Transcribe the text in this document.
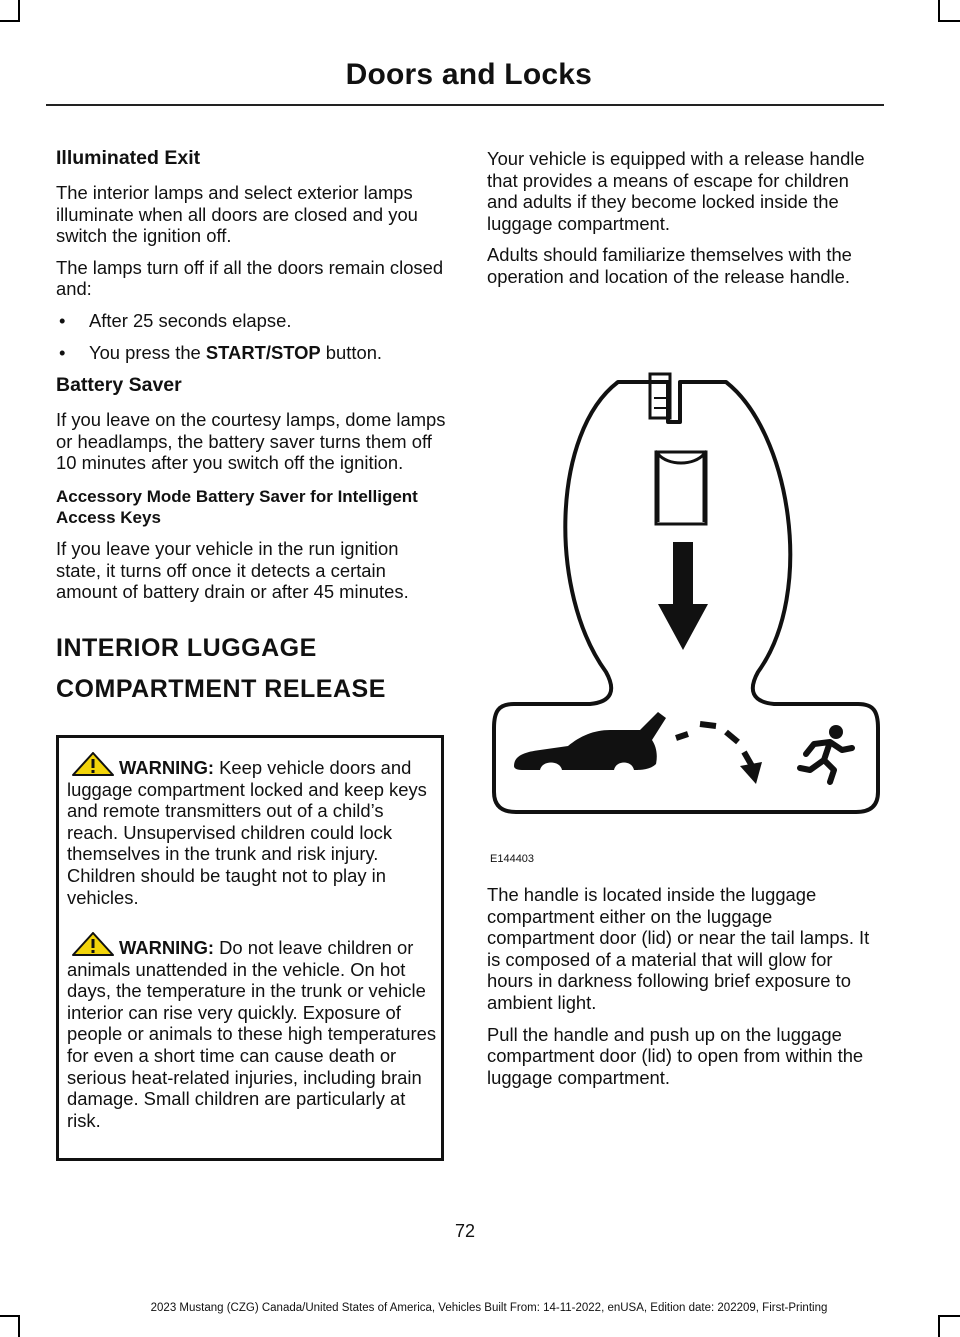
Doors and Locks
Illuminated Exit

The interior lamps and select exterior lamps illuminate when all doors are closed and you switch the ignition off.

The lamps turn off if all the doors remain closed and:

• After 25 seconds elapse.
• You press the START/STOP button.
Battery Saver

If you leave on the courtesy lamps, dome lamps or headlamps, the battery saver turns them off 10 minutes after you switch off the ignition.

Accessory Mode Battery Saver for Intelligent Access Keys

If you leave your vehicle in the run ignition state, it turns off once it detects a certain amount of battery drain or after 45 minutes.

INTERIOR LUGGAGE
COMPARTMENT RELEASE
WARNING: Keep vehicle doors and luggage compartment locked and keep keys and remote transmitters out of a child’s reach. Unsupervised children could lock themselves in the trunk and risk injury. Children should be taught not to play in vehicles.
WARNING: Do not leave children or animals unattended in the vehicle. On hot days, the temperature in the trunk or vehicle interior can rise very quickly. Exposure of people or animals to these high temperatures for even a short time can cause death or serious heat-related injuries, including brain damage. Small children are particularly at risk.

Your vehicle is equipped with a release handle that provides a means of escape for children and adults if they become locked inside the luggage compartment.

Adults should familiarize themselves with the operation and location of the release handle.

E144403

The handle is located inside the luggage compartment either on the luggage compartment door (lid) or near the tail lamps. It is composed of a material that will glow for hours in darkness following brief exposure to ambient light.

Pull the handle and push up on the luggage compartment door (lid) to open from within the luggage compartment.

72
2023 Mustang (CZG) Canada/United States of America, Vehicles Built From: 14-11-2022, enUSA, Edition date: 202209, First-Printing
